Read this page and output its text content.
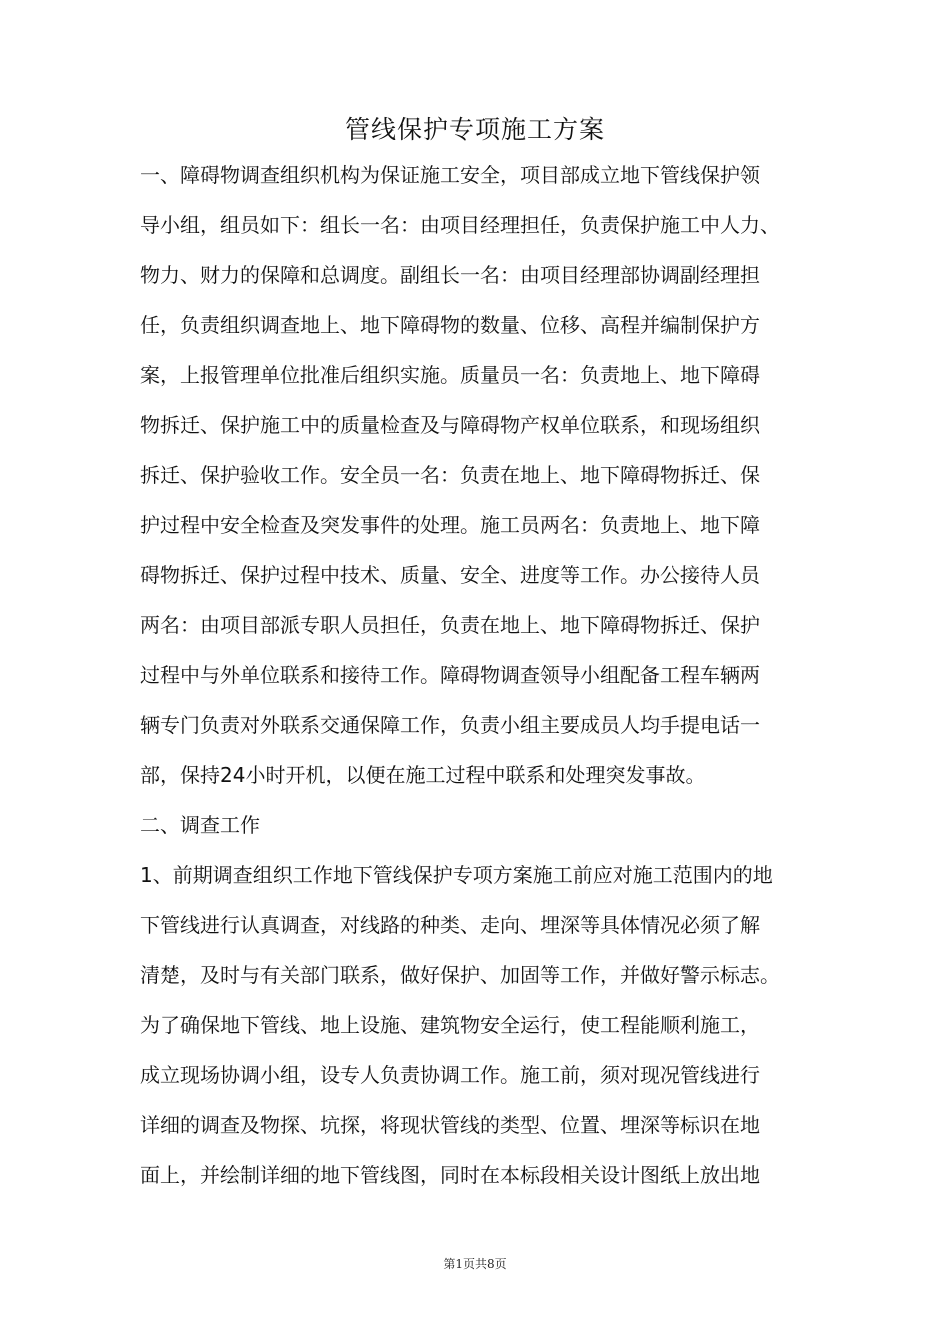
管线保护专项施工方案
一、障碍物调查组织机构为保证施工安全，项目部成立地下管线保护领
导小组，组员如下：组长一名：由项目经理担任，负责保护施工中人力、
物力、财力的保障和总调度。副组长一名：由项目经理部协调副经理担
任，负责组织调查地上、地下障碍物的数量、位移、高程并编制保护方
案，上报管理单位批准后组织实施。质量员一名：负责地上、地下障碍
物拆迁、保护施工中的质量检查及与障碍物产权单位联系，和现场组织
拆迁、保护验收工作。安全员一名：负责在地上、地下障碍物拆迁、保
护过程中安全检查及突发事件的处理。施工员两名：负责地上、地下障
碍物拆迁、保护过程中技术、质量、安全、进度等工作。办公接待人员
两名：由项目部派专职人员担任，负责在地上、地下障碍物拆迁、保护
过程中与外单位联系和接待工作。障碍物调查领导小组配备工程车辆两
辆专门负责对外联系交通保障工作，负责小组主要成员人均手提电话一
部，保持24小时开机，以便在施工过程中联系和处理突发事故。
二、调查工作
1、前期调查组织工作地下管线保护专项方案施工前应对施工范围内的地
下管线进行认真调查，对线路的种类、走向、埋深等具体情况必须了解
清楚，及时与有关部门联系，做好保护、加固等工作，并做好警示标志。
为了确保地下管线、地上设施、建筑物安全运行，使工程能顺利施工，
成立现场协调小组，设专人负责协调工作。施工前，须对现况管线进行
详细的调查及物探、坑探，将现状管线的类型、位置、埋深等标识在地
面上，并绘制详细的地下管线图，同时在本标段相关设计图纸上放出地
第1页共8页
